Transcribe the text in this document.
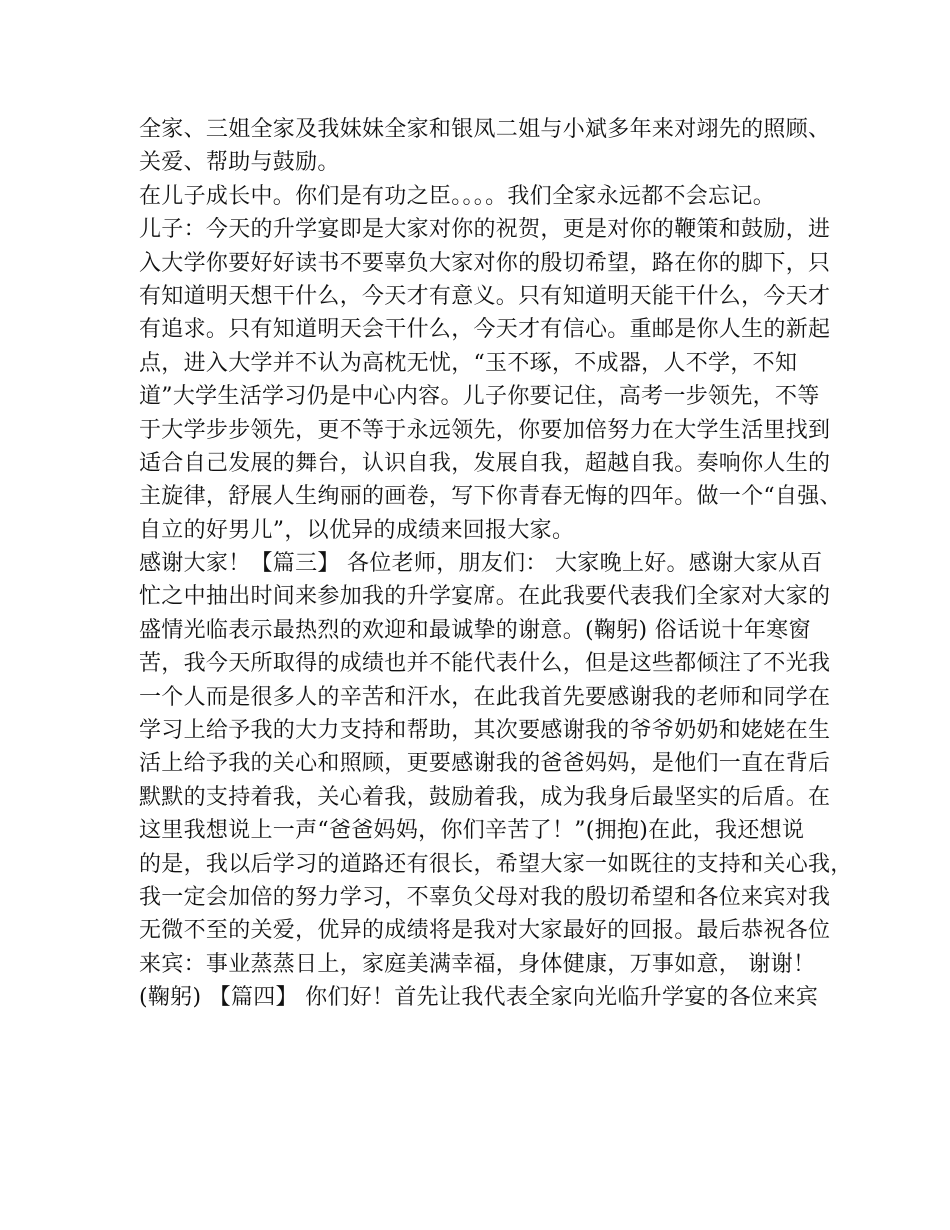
全家、三姐全家及我妹妹全家和银凤二姐与小斌多年来对翊先的照顾、
关爱、帮助与鼓励。
在儿子成长中。你们是有功之臣。。。。我们全家永远都不会忘记。
儿子：今天的升学宴即是大家对你的祝贺，更是对你的鞭策和鼓励，进
入大学你要好好读书不要辜负大家对你的殷切希望，路在你的脚下，只
有知道明天想干什么，今天才有意义。只有知道明天能干什么，今天才
有追求。只有知道明天会干什么，今天才有信心。重邮是你人生的新起
点，进入大学并不认为高枕无忧，“玉不琢，不成器，人不学，不知
道”大学生活学习仍是中心内容。儿子你要记住，高考一步领先，不等
于大学步步领先，更不等于永远领先，你要加倍努力在大学生活里找到
适合自己发展的舞台，认识自我，发展自我，超越自我。奏响你人生的
主旋律，舒展人生绚丽的画卷，写下你青春无悔的四年。做一个“自强、
自立的好男儿”，以优异的成绩来回报大家。
感谢大家！【篇三】 各位老师，朋友们： 大家晚上好。感谢大家从百
忙之中抽出时间来参加我的升学宴席。在此我要代表我们全家对大家的
盛情光临表示最热烈的欢迎和最诚挚的谢意。(鞠躬) 俗话说十年寒窗
苦，我今天所取得的成绩也并不能代表什么，但是这些都倾注了不光我
一个人而是很多人的辛苦和汗水，在此我首先要感谢我的老师和同学在
学习上给予我的大力支持和帮助，其次要感谢我的爷爷奶奶和姥姥在生
活上给予我的关心和照顾，更要感谢我的爸爸妈妈，是他们一直在背后
默默的支持着我，关心着我，鼓励着我，成为我身后最坚实的后盾。在
这里我想说上一声“爸爸妈妈，你们辛苦了！”(拥抱)在此，我还想说
的是，我以后学习的道路还有很长，希望大家一如既往的支持和关心我，
我一定会加倍的努力学习，不辜负父母对我的殷切希望和各位来宾对我
无微不至的关爱，优异的成绩将是我对大家最好的回报。最后恭祝各位
来宾：事业蒸蒸日上，家庭美满幸福，身体健康，万事如意， 谢谢！
(鞠躬) 【篇四】 你们好！首先让我代表全家向光临升学宴的各位来宾
